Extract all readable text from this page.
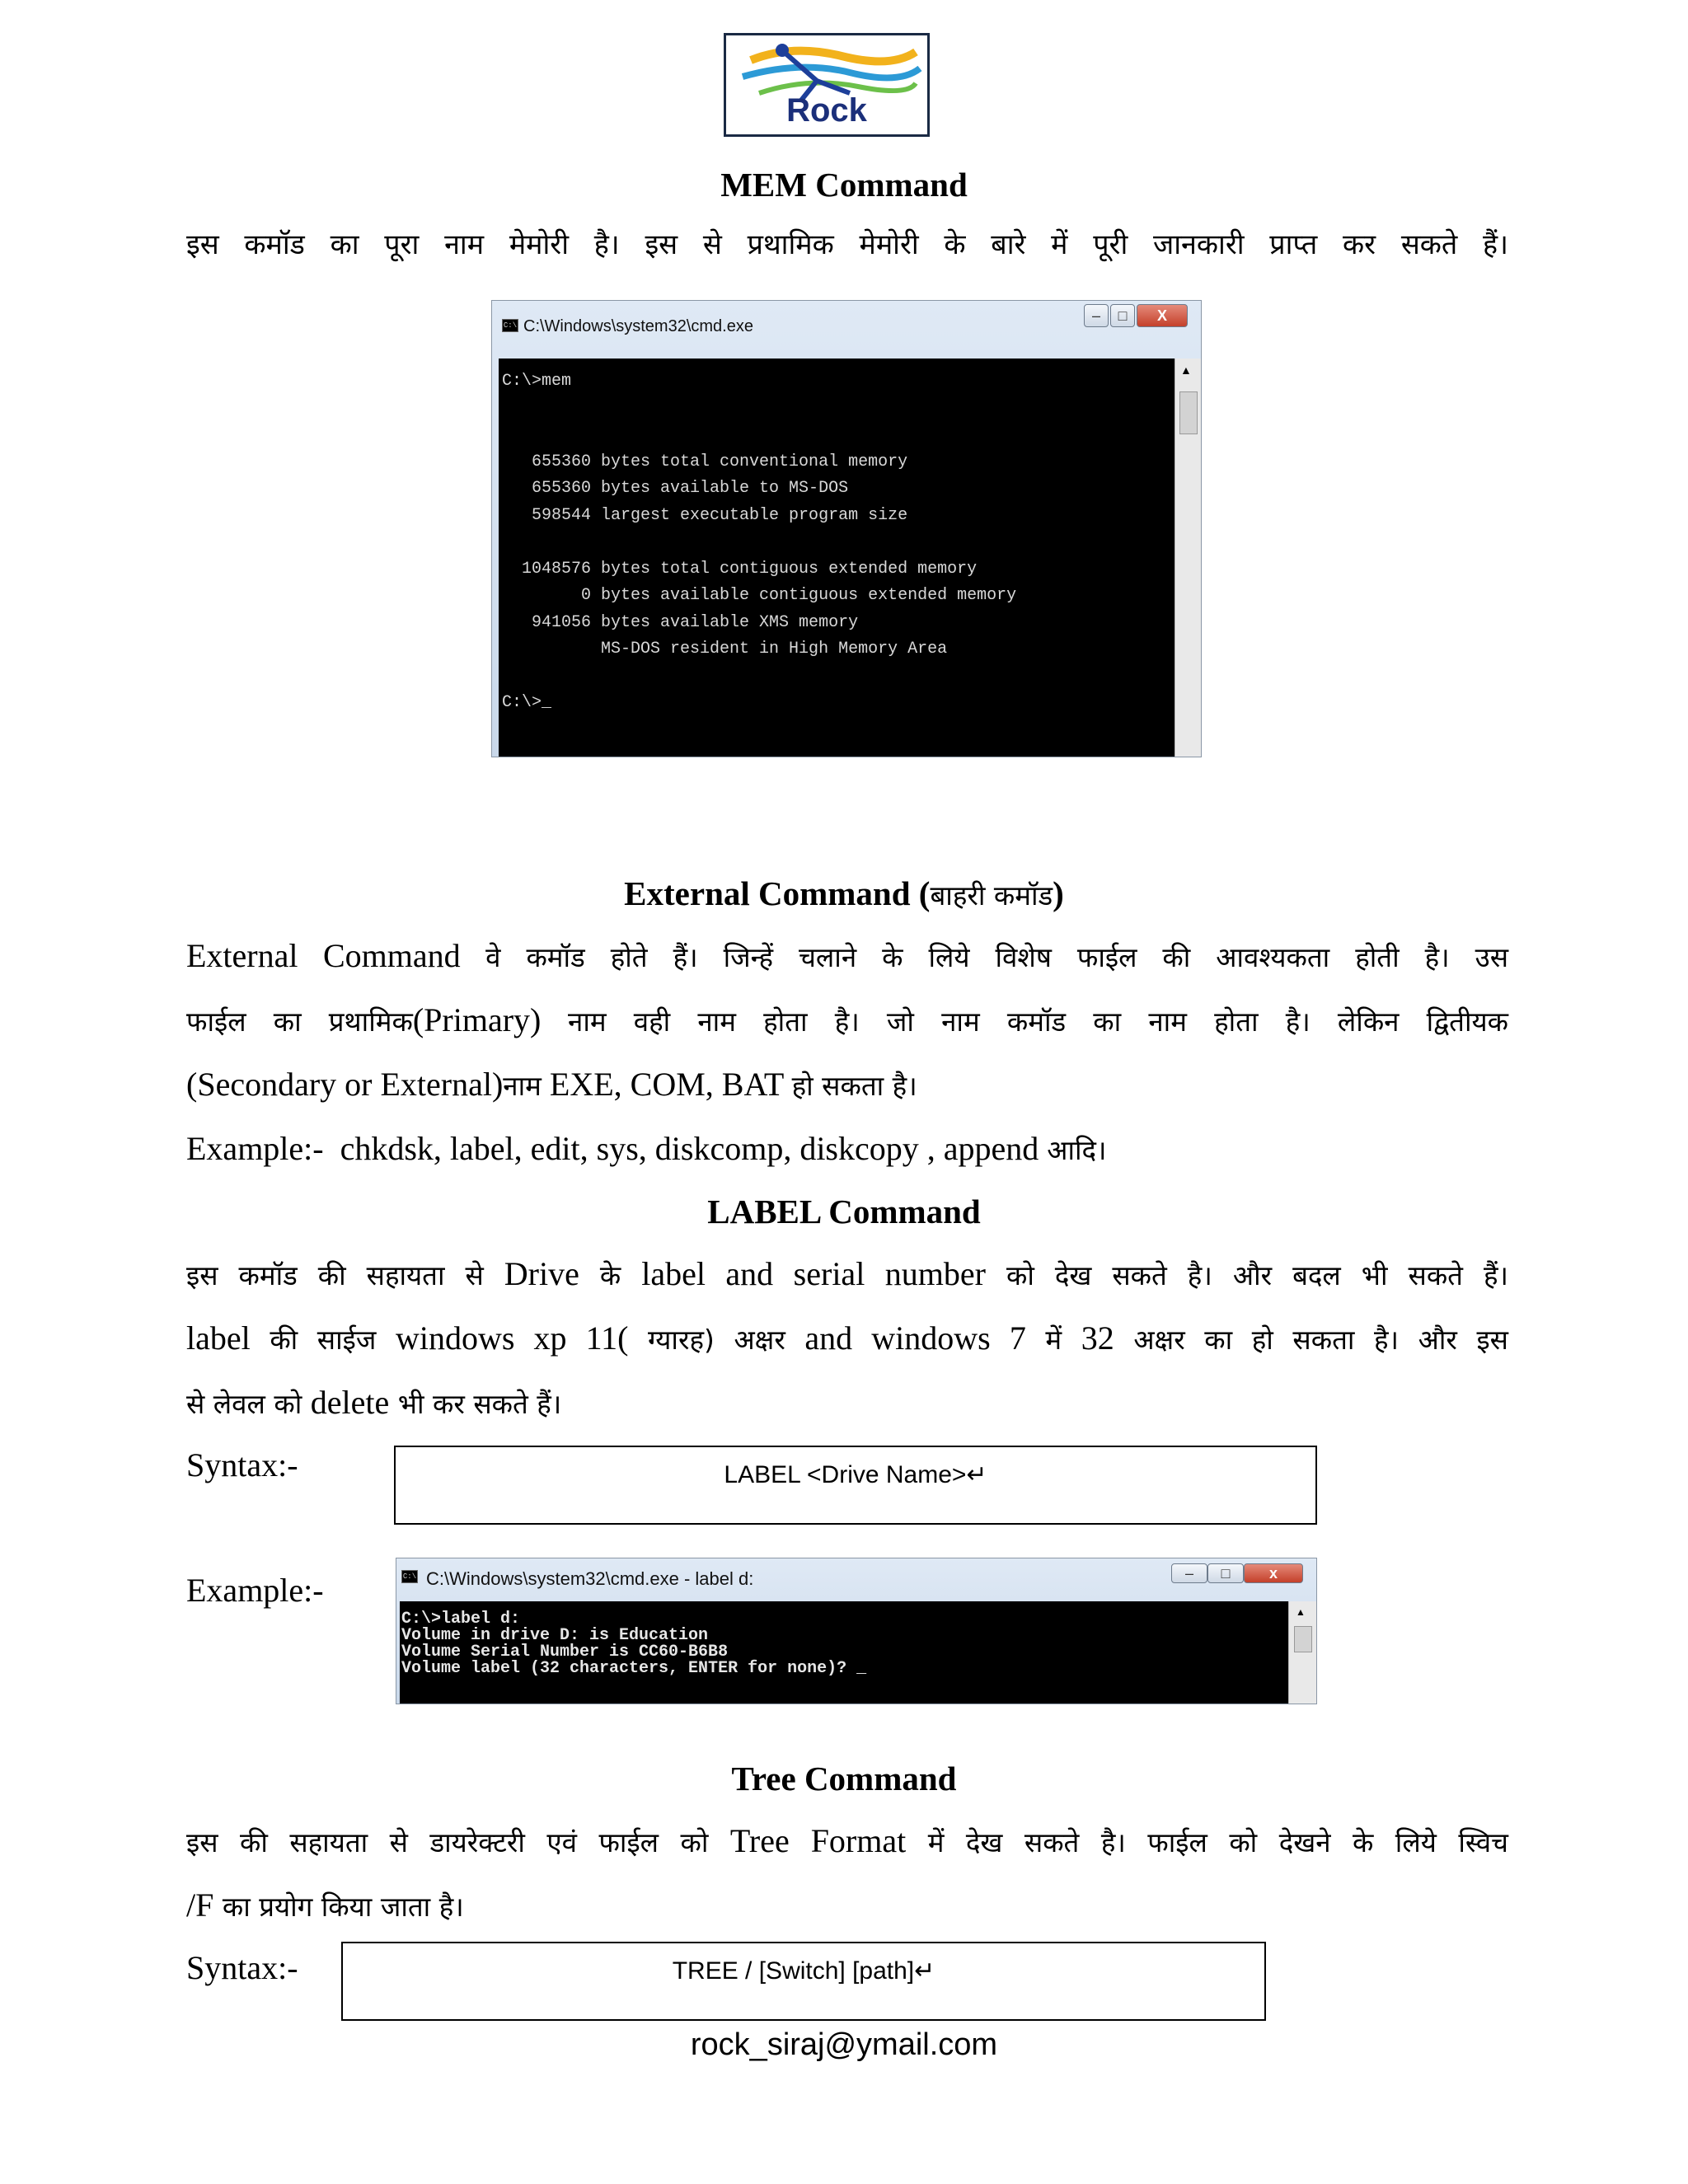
Rock
MEM Command
इस कमॉड का पूरा नाम मेमोरी है। इस से प्रथामिक मेमोरी के बारे में पूरी जानकारी प्राप्त कर सकते हैं।
C:\ C:\Windows\system32\cmd.exe
–	□	X
C:\>mem

655360 bytes total conventional memory
655360 bytes available to MS-DOS
598544 largest executable program size

1048576 bytes total contiguous extended memory
0 bytes available contiguous extended memory
941056 bytes available XMS memory
MS-DOS resident in High Memory Area

C:\>_
▲
External Command (बाहरी कमॉड)
External Command वे कमॉड होते हैं। जिन्हें चलाने के लिये विशेष फाईल की आवश्यकता होती है। उस
फाईल का प्रथामिक(Primary) नाम वही नाम होता है। जो नाम कमॉड का नाम होता है। लेकिन द्वितीयक
(Secondary or External)नाम EXE, COM, BAT हो सकता है।
Example:-  chkdsk, label, edit, sys, diskcomp, diskcopy , append आदि।
LABEL Command
इस कमॉड की सहायता से Drive के label and serial number को देख सकते है। और बदल भी सकते हैं।
label की साईज windows xp 11( ग्यारह) अक्षर and windows 7 में 32 अक्षर का हो सकता है। और इस
से लेवल को delete भी कर सकते हैं।
Syntax:-	LABEL <Drive Name>↵
Example:-	C:\ C:\Windows\system32\cmd.exe - label d:	–	□	x
C:\>label d:
Volume in drive D: is Education
Volume Serial Number is CC60-B6B8
Volume label (32 characters, ENTER for none)? _
▲
Tree Command
इस की सहायता से डायरेक्टरी एवं फाईल को Tree Format में देख सकते है। फाईल को देखने के लिये स्विच
/F का प्रयोग किया जाता है।
Syntax:-	TREE / [Switch] [path]↵
rock_siraj@ymail.com
